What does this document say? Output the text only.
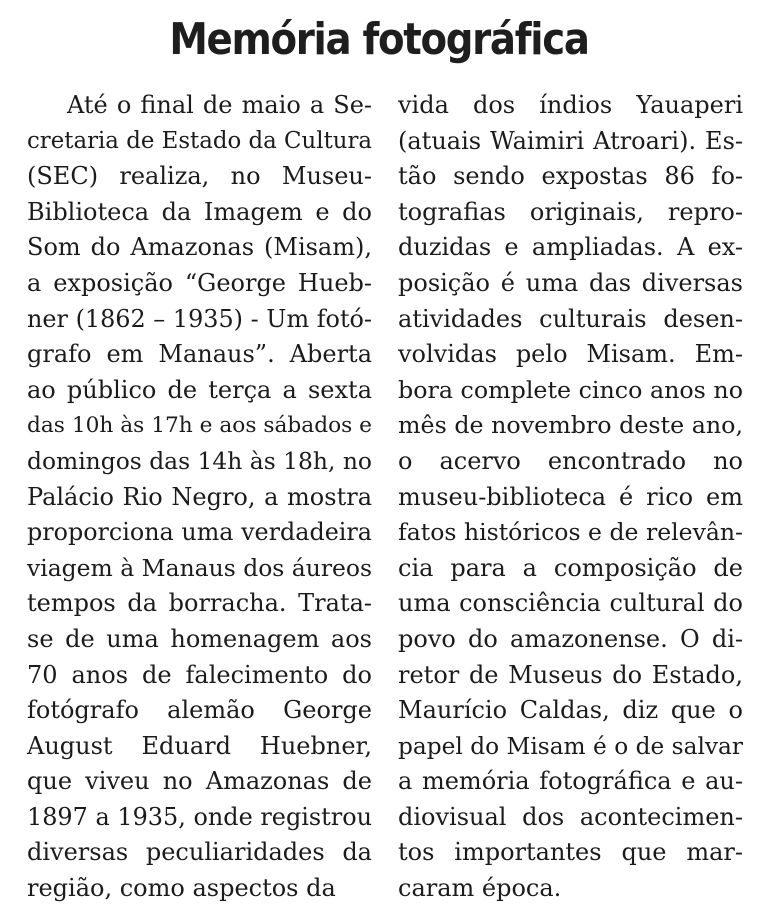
Memória fotográfica
Até o final de maio a Se-
cretaria de Estado da Cultura
(SEC) realiza, no Museu-
Biblioteca da Imagem e do
Som do Amazonas (Misam),
a exposição “George Hueb-
ner (1862 – 1935) - Um fotó-
grafo em Manaus”. Aberta
ao público de terça a sexta
das 10h às 17h e aos sábados e
domingos das 14h às 18h, no
Palácio Rio Negro, a mostra
proporciona uma verdadeira
viagem à Manaus dos áureos
tempos da borracha. Trata-
se de uma homenagem aos
70 anos de falecimento do
fotógrafo alemão George
August Eduard Huebner,
que viveu no Amazonas de
1897 a 1935, onde registrou
diversas peculiaridades da
região, como aspectos da
vida dos índios Yauaperi
(atuais Waimiri Atroari). Es-
tão sendo expostas 86 fo-
tografias originais, repro-
duzidas e ampliadas. A ex-
posição é uma das diversas
atividades culturais desen-
volvidas pelo Misam. Em-
bora complete cinco anos no
mês de novembro deste ano,
o acervo encontrado no
museu-biblioteca é rico em
fatos históricos e de relevân-
cia para a composição de
uma consciência cultural do
povo do amazonense. O di-
retor de Museus do Estado,
Maurício Caldas, diz que o
papel do Misam é o de salvar
a memória fotográfica e au-
diovisual dos acontecimen-
tos importantes que mar-
caram época.
